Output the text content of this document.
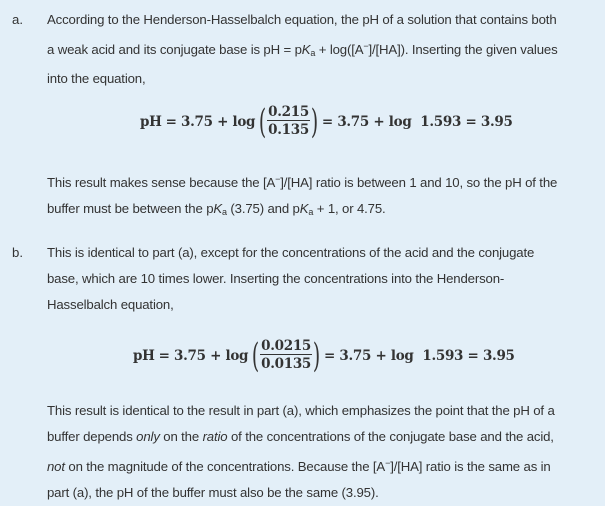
a. According to the Henderson-Hasselbalch equation, the pH of a solution that contains both
a weak acid and its conjugate base is pH = $pK_a + \log([A^-]/[HA])$. Inserting the given values
into the equation,
pH = 3.75 + log ( $\frac{0.215}{0.135}$ ) = 3.75 + log  1.593 = 3.95
This result makes sense because the [A−]/[HA] ratio is between 1 and 10, so the pH of the
buffer must be between the $pK_a$ (3.75) and $pK_a + 1$, or 4.75.
b. This is identical to part (a), except for the concentrations of the acid and the conjugate
base, which are 10 times lower. Inserting the concentrations into the Henderson-
Hasselbalch equation,
pH = 3.75 + log ( $\frac{0.0215}{0.0135}$ ) = 3.75 + log  1.593 = 3.95
This result is identical to the result in part (a), which emphasizes the point that the pH of a
buffer depends only on the ratio of the concentrations of the conjugate base and the acid,
not on the magnitude of the concentrations. Because the [A−]/[HA] ratio is the same as in
part (a), the pH of the buffer must also be the same (3.95).
